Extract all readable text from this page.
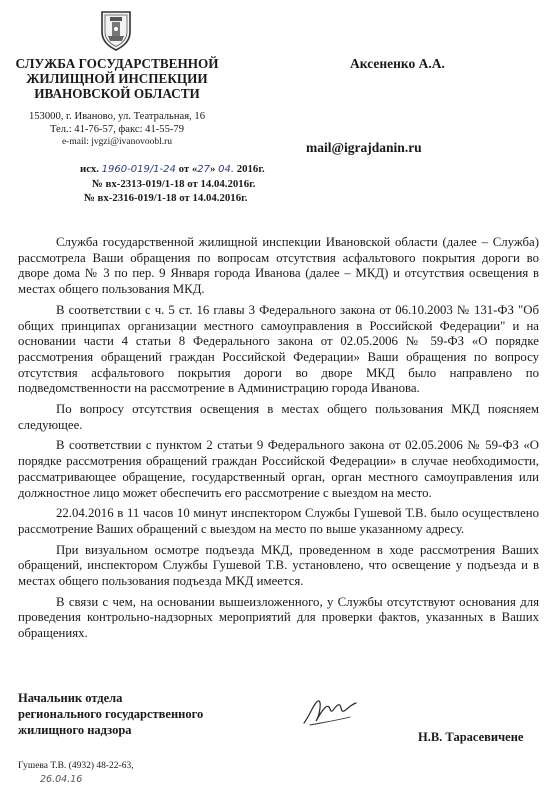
СЛУЖБА ГОСУДАРСТВЕННОЙ
ЖИЛИЩНОЙ ИНСПЕКЦИИ
ИВАНОВСКОЙ ОБЛАСТИ
153000, г. Иваново, ул. Театральная, 16
Тел.: 41-76-57, факс: 41-55-79
e-mail: jvgzi@ivanovoobl.ru
Аксененко А.А.
mail@igrajdanin.ru
исх. 1960-019/1-24 от «27» 04. 2016г.
№ вх-2313-019/1-18 от 14.04.2016г.
№ вх-2316-019/1-18 от 14.04.2016г.

Служба государственной жилищной инспекции Ивановской области (далее – Служба) рассмотрела Ваши обращения по вопросам отсутствия асфальтового покрытия дороги во дворе дома № 3 по пер. 9 Января города Иванова (далее – МКД) и отсутствия освещения в местах общего пользования МКД.

В соответствии с ч. 5 ст. 16 главы 3 Федерального закона от 06.10.2003 № 131-ФЗ "Об общих принципах организации местного самоуправления в Российской Федерации" и на основании части 4 статьи 8 Федерального закона от 02.05.2006 № 59-ФЗ «О порядке рассмотрения обращений граждан Российской Федерации» Ваши обращения по вопросу отсутствия асфальтового покрытия дороги во дворе МКД было направлено по подведомственности на рассмотрение в Администрацию города Иванова.

По вопросу отсутствия освещения в местах общего пользования МКД поясняем следующее.

В соответствии с пунктом 2 статьи 9 Федерального закона от 02.05.2006 № 59-ФЗ «О порядке рассмотрения обращений граждан Российской Федерации» в случае необходимости, рассматривающее обращение, государственный орган, орган местного самоуправления или должностное лицо может обеспечить его рассмотрение с выездом на место.

22.04.2016 в 11 часов 10 минут инспектором Службы Гушевой Т.В. было осуществлено рассмотрение Ваших обращений с выездом на место по выше указанному адресу.

При визуальном осмотре подъезда МКД, проведенном в ходе рассмотрения Ваших обращений, инспектором Службы Гушевой Т.В. установлено, что освещение у подъезда и в местах общего пользования подъезда МКД имеется.

В связи с чем, на основании вышеизложенного, у Службы отсутствуют основания для проведения контрольно-надзорных мероприятий для проверки фактов, указанных в Ваших обращениях.

Начальник отдела
регионального государственного
жилищного надзора	Н.В. Тарасевичене
Гушева Т.В. (4932) 48-22-63,
26.04.16
